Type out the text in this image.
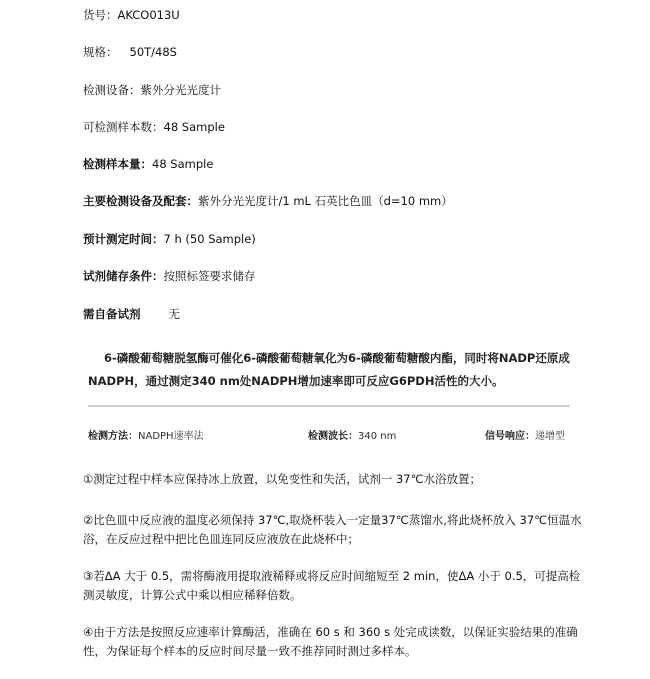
货号：AKCO013U
规格： 50T/48S
检测设备：紫外分光光度计
可检测样本数：48 Sample
检测样本量：48 Sample
主要检测设备及配套：紫外分光光度计/1 mL 石英比色皿（d=10 mm）
预计测定时间：7 h (50 Sample)
试剂储存条件：按照标签要求储存
需自备试剂 无
6-磷酸葡萄糖脱氢酶可催化6-磷酸葡萄糖氧化为6-磷酸葡萄糖酸内酯，同时将NADP还原成
NADPH，通过测定340 nm处NADPH增加速率即可反应G6PDH活性的大小。
检测方法：NADPH速率法	检测波长：340 nm	信号响应：递增型
①测定过程中样本应保持冰上放置，以免变性和失活，试剂一 37℃水浴放置；
②比色皿中反应液的温度必须保持 37℃,取烧杯装入一定量37℃蒸馏水,将此烧杯放入 37℃恒温水浴，在反应过程中把比色皿连同反应液放在此烧杯中；
③若ΔA 大于 0.5，需将酶液用提取液稀释或将反应时间缩短至 2 min，使ΔA 小于 0.5，可提高检测灵敏度，计算公式中乘以相应稀释倍数。
④由于方法是按照反应速率计算酶活，准确在 60 s 和 360 s 处完成读数，以保证实验结果的准确性，为保证每个样本的反应时间尽量一致不推荐同时测过多样本。
